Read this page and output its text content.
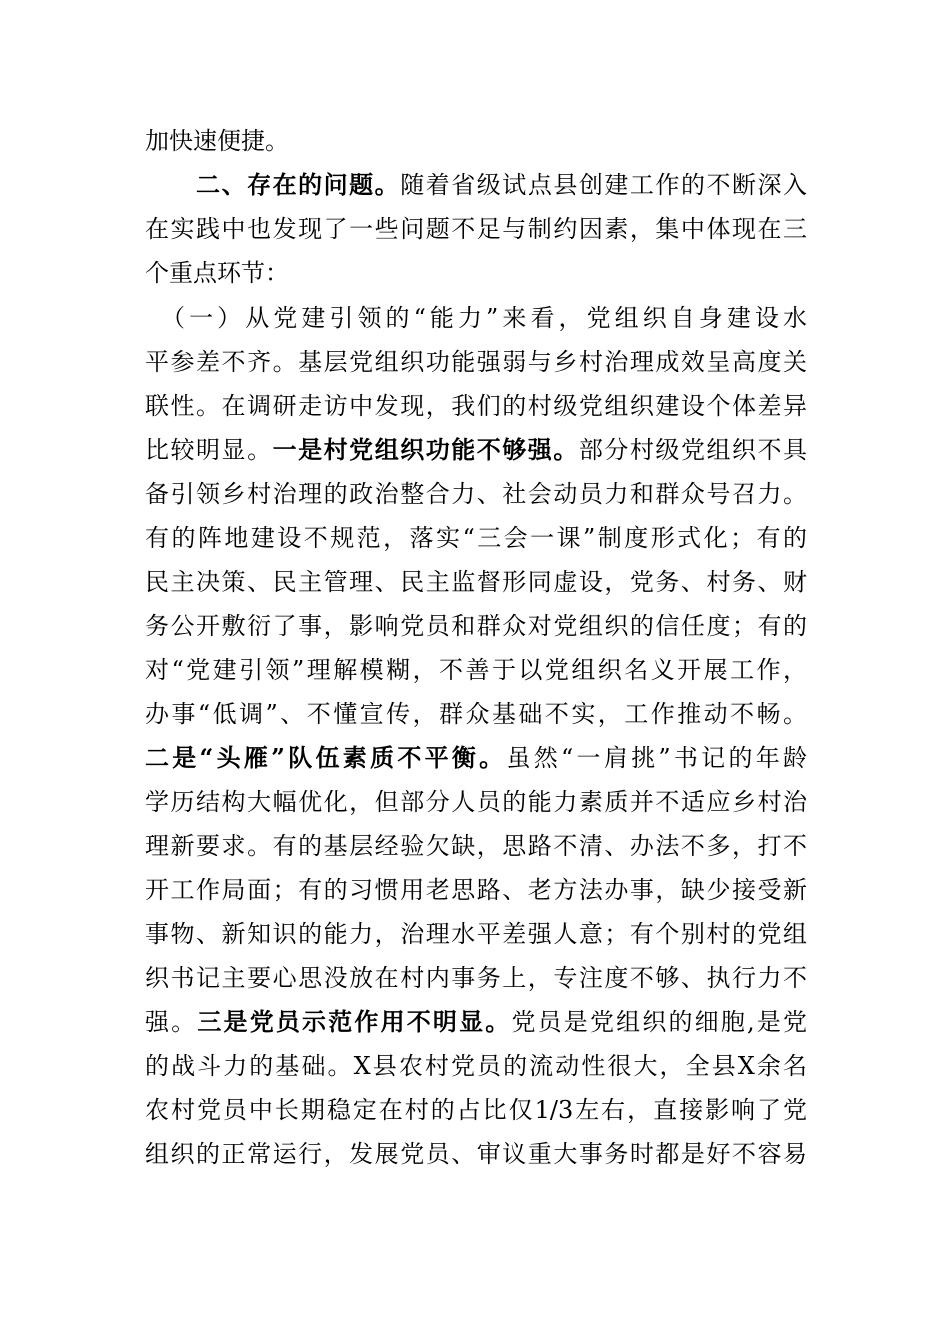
加快速便捷。
　　二、存在的问题。随着省级试点县创建工作的不断深入
在实践中也发现了一些问题不足与制约因素，集中体现在三
个重点环节：
　（一）从党建引领的“能力”来看，党组织自身建设水
平参差不齐。基层党组织功能强弱与乡村治理成效呈高度关
联性。在调研走访中发现，我们的村级党组织建设个体差异
比较明显。一是村党组织功能不够强。部分村级党组织不具
备引领乡村治理的政治整合力、社会动员力和群众号召力。
有的阵地建设不规范，落实“三会一课”制度形式化；有的
民主决策、民主管理、民主监督形同虚设，党务、村务、财
务公开敷衍了事，影响党员和群众对党组织的信任度；有的
对“党建引领”理解模糊，不善于以党组织名义开展工作，
办事“低调”、不懂宣传，群众基础不实，工作推动不畅。
二是“头雁”队伍素质不平衡。虽然“一肩挑”书记的年龄
学历结构大幅优化，但部分人员的能力素质并不适应乡村治
理新要求。有的基层经验欠缺，思路不清、办法不多，打不
开工作局面；有的习惯用老思路、老方法办事，缺少接受新
事物、新知识的能力，治理水平差强人意；有个别村的党组
织书记主要心思没放在村内事务上，专注度不够、执行力不
强。三是党员示范作用不明显。党员是党组织的细胞,是党
的战斗力的基础。X县农村党员的流动性很大，全县X余名
农村党员中长期稳定在村的占比仅1/3左右，直接影响了党
组织的正常运行，发展党员、审议重大事务时都是好不容易
